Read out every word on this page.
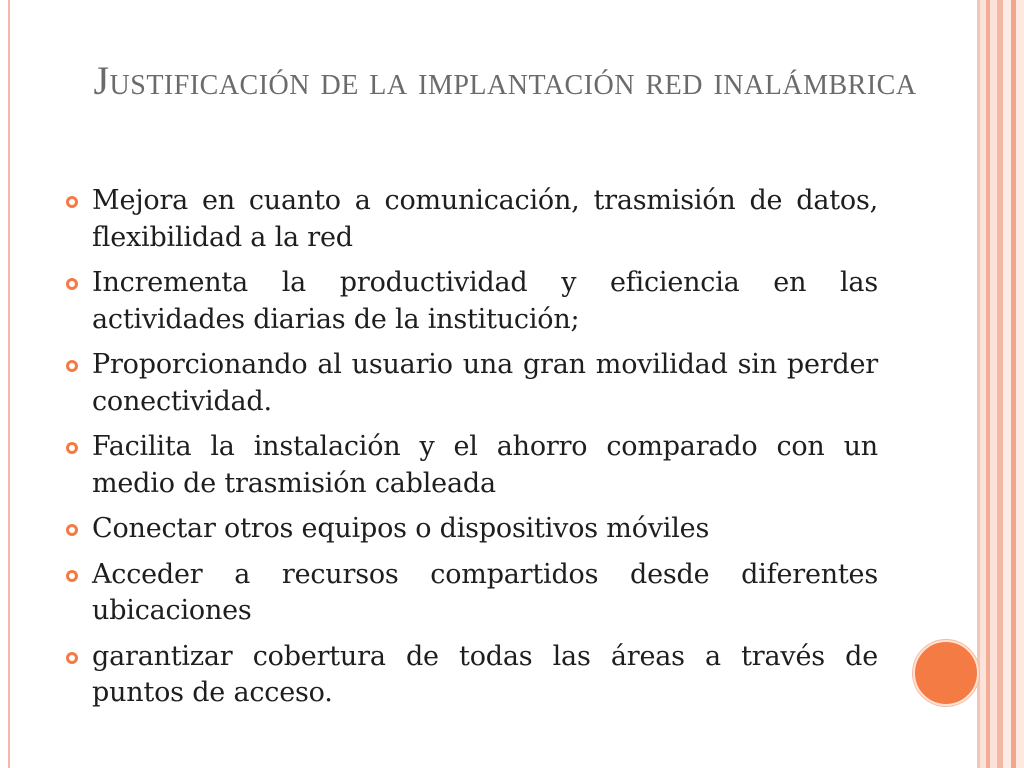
Justificación de la implantación red inalámbrica
Mejora en cuanto a comunicación, trasmisión de datos, flexibilidad a la red
Incrementa la productividad y eficiencia en las actividades diarias de la institución;
Proporcionando al usuario una gran movilidad sin perder conectividad.
Facilita la instalación y el ahorro comparado con un medio de trasmisión cableada
Conectar otros equipos o dispositivos móviles
Acceder a recursos compartidos desde diferentes ubicaciones
garantizar cobertura de todas las áreas a través de puntos de acceso.
